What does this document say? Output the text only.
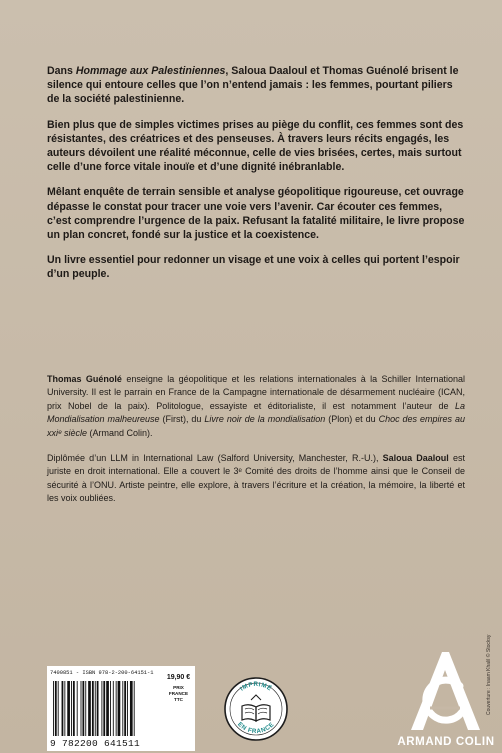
Dans Hommage aux Palestiniennes, Saloua Daaloul et Thomas Guénolé brisent le silence qui entoure celles que l’on n’entend jamais : les femmes, pourtant piliers de la société palestinienne.

Bien plus que de simples victimes prises au piège du conflit, ces femmes sont des résistantes, des créatrices et des penseuses. À travers leurs récits engagés, les auteurs dévoilent une réalité méconnue, celle de vies brisées, certes, mais surtout celle d’une force vitale inouïe et d’une dignité inébranlable.

Mêlant enquête de terrain sensible et analyse géopolitique rigoureuse, cet ouvrage dépasse le constat pour tracer une voie vers l’avenir. Car écouter ces femmes, c’est comprendre l’urgence de la paix. Refusant la fatalité militaire, le livre propose un plan concret, fondé sur la justice et la coexistence.

Un livre essentiel pour redonner un visage et une voix à celles qui portent l’espoir d’un peuple.

Thomas Guénolé enseigne la géopolitique et les relations internationales à la Schiller International University. Il est le parrain en France de la Campagne internationale de désarmement nucléaire (ICAN, prix Nobel de la paix). Politologue, essayiste et éditorialiste, il est notamment l’auteur de La Mondialisation malheureuse (First), du Livre noir de la mondialisation (Plon) et du Choc des empires au xxiᵉ siècle (Armand Colin).

Diplômée d’un LLM in International Law (Salford University, Manchester, R.-U.), Saloua Daaloul est juriste en droit international. Elle a couvert le 3ᵉ Comité des droits de l’homme ainsi que le Conseil de sécurité à l’ONU. Artiste peintre, elle explore, à travers l’écriture et la création, la mémoire, la liberté et les voix oubliées.

7400851 - ISBN 978-2-200-64151-1
9 782200 641511
19,90 €
PRIX
FRANCE
TTC
IMPRIMÉ
EN FRANCE
ARMAND COLIN
Couverture : Inaam Khalil © Stocksy
